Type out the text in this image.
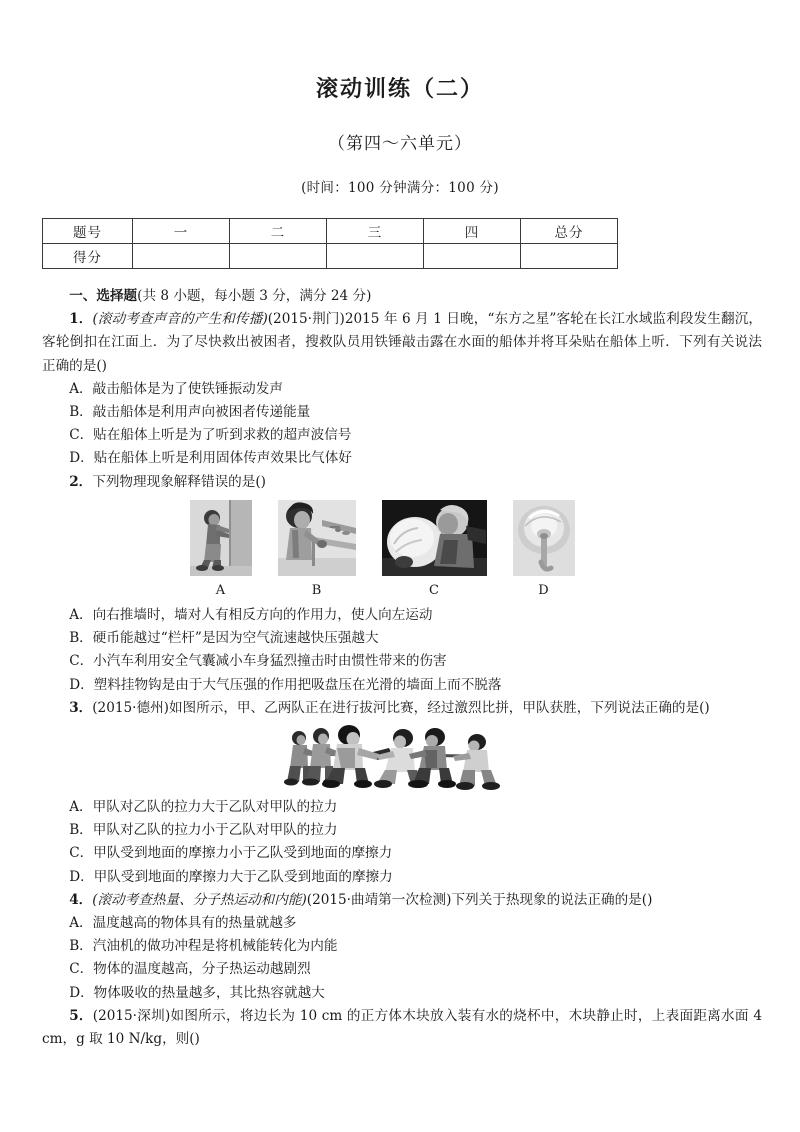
滚动训练（二）
（第四～六单元）
(时间：100 分钟满分：100 分)
题号	一	二	三	四	总分
得分					

一、选择题(共 8 小题，每小题 3 分，满分 24 分)

1．(滚动考查声音的产生和传播)(2015·荆门)2015 年 6 月 1 日晚，“东方之星”客轮在长江水域监利段发生翻沉，客轮倒扣在江面上．为了尽快救出被困者，搜救队员用铁锤敲击露在水面的船体并将耳朵贴在船体上听．下列有关说法正确的是()

A．敲击船体是为了使铁锤振动发声

B．敲击船体是利用声向被困者传递能量

C．贴在船体上听是为了听到求救的超声波信号

D．贴在船体上听是利用固体传声效果比气体好

2．下列物理现象解释错误的是()

A	B	C	D

A．向右推墙时，墙对人有相反方向的作用力，使人向左运动

B．硬币能越过“栏杆”是因为空气流速越快压强越大

C．小汽车利用安全气囊减小车身猛烈撞击时由惯性带来的伤害

D．塑料挂物钩是由于大气压强的作用把吸盘压在光滑的墙面上而不脱落

3．(2015·德州)如图所示，甲、乙两队正在进行拔河比赛，经过激烈比拼，甲队获胜，下列说法正确的是()

A．甲队对乙队的拉力大于乙队对甲队的拉力

B．甲队对乙队的拉力小于乙队对甲队的拉力

C．甲队受到地面的摩擦力小于乙队受到地面的摩擦力

D．甲队受到地面的摩擦力大于乙队受到地面的摩擦力

4．(滚动考查热量、分子热运动和内能)(2015·曲靖第一次检测)下列关于热现象的说法正确的是()

A．温度越高的物体具有的热量就越多

B．汽油机的做功冲程是将机械能转化为内能

C．物体的温度越高，分子热运动越剧烈

D．物体吸收的热量越多，其比热容就越大

5．(2015·深圳)如图所示，将边长为 10 cm 的正方体木块放入装有水的烧杯中，木块静止时，上表面距离水面 4 cm，g 取 10 N/kg，则()
